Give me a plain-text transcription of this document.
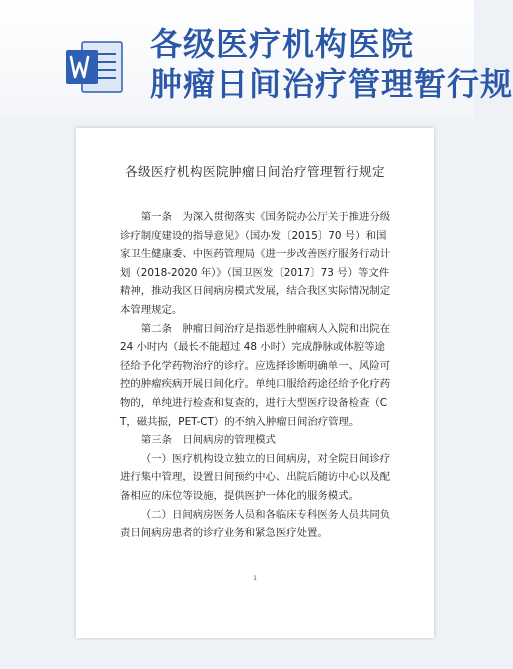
各级医疗机构医院
肿瘤日间治疗管理暂行规
各级医疗机构医院肿瘤日间治疗管理暂行规定

第一条　为深入贯彻落实《国务院办公厅关于推进分级诊疗制度建设的指导意见》（国办发〔2015〕70 号）和国家卫生健康委、中医药管理局《进一步改善医疗服务行动计划（2018-2020 年）》（国卫医发〔2017〕73 号）等文件精神，推动我区日间病房模式发展，结合我区实际情况制定本管理规定。

第二条　肿瘤日间治疗是指恶性肿瘤病人入院和出院在 24 小时内（最长不能超过 48 小时）完成静脉或体腔等途径给予化学药物治疗的诊疗。应选择诊断明确单一、风险可控的肿瘤疾病开展日间化疗。单纯口服给药途径给予化疗药物的，单纯进行检查和复查的，进行大型医疗设备检查（CT，磁共振，PET-CT）的不纳入肿瘤日间治疗管理。

第三条　日间病房的管理模式

（一）医疗机构设立独立的日间病房，对全院日间诊疗进行集中管理，设置日间预约中心、出院后随访中心以及配备相应的床位等设施，提供医护一体化的服务模式。

（二）日间病房医务人员和各临床专科医务人员共同负责日间病房患者的诊疗业务和紧急医疗处置。

1
